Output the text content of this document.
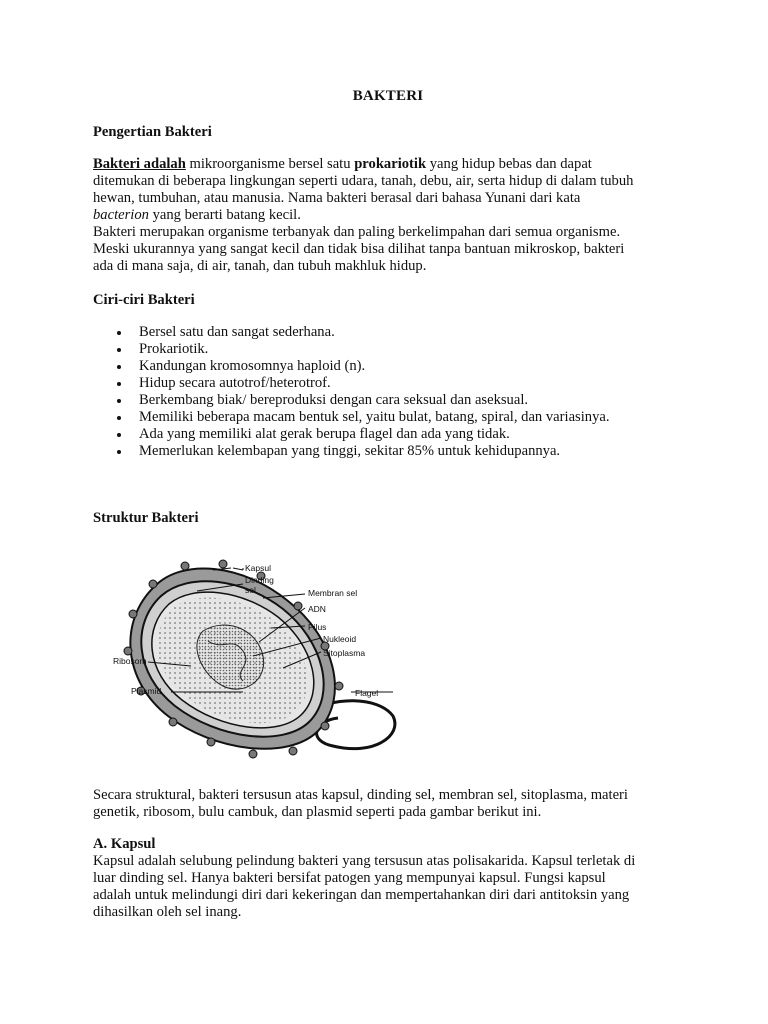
BAKTERI
Pengertian Bakteri
Bakteri adalah mikroorganisme bersel satu prokariotik yang hidup bebas dan dapat
ditemukan di beberapa lingkungan seperti udara, tanah, debu, air, serta hidup di dalam tubuh
hewan, tumbuhan, atau manusia. Nama bakteri berasal dari bahasa Yunani dari kata
bacterion yang berarti batang kecil.
Bakteri merupakan organisme terbanyak dan paling berkelimpahan dari semua organisme.
Meski ukurannya yang sangat kecil dan tidak bisa dilihat tanpa bantuan mikroskop, bakteri
ada di mana saja, di air, tanah, dan tubuh makhluk hidup.
Ciri-ciri Bakteri
Bersel satu dan sangat sederhana.
Prokariotik.
Kandungan kromosomnya haploid (n).
Hidup secara autotrof/heterotrof.
Berkembang biak/ bereproduksi dengan cara seksual dan aseksual.
Memiliki beberapa macam bentuk sel, yaitu bulat, batang, spiral, dan variasinya.
Ada yang memiliki alat gerak berupa flagel dan ada yang tidak.
Memerlukan kelembapan yang tinggi, sekitar 85% untuk kehidupannya.
Struktur Bakteri
Kapsul
Dinding
sel	Membran sel
ADN
Pilus
Nukleoid
Sitoplasma
Ribosom
Plasmid	Flagel
Secara struktural, bakteri tersusun atas kapsul, dinding sel, membran sel, sitoplasma, materi
genetik, ribosom, bulu cambuk, dan plasmid seperti pada gambar berikut ini.
A. Kapsul
Kapsul adalah selubung pelindung bakteri yang tersusun atas polisakarida. Kapsul terletak di
luar dinding sel. Hanya bakteri bersifat patogen yang mempunyai kapsul. Fungsi kapsul
adalah untuk melindungi diri dari kekeringan dan mempertahankan diri dari antitoksin yang
dihasilkan oleh sel inang.
